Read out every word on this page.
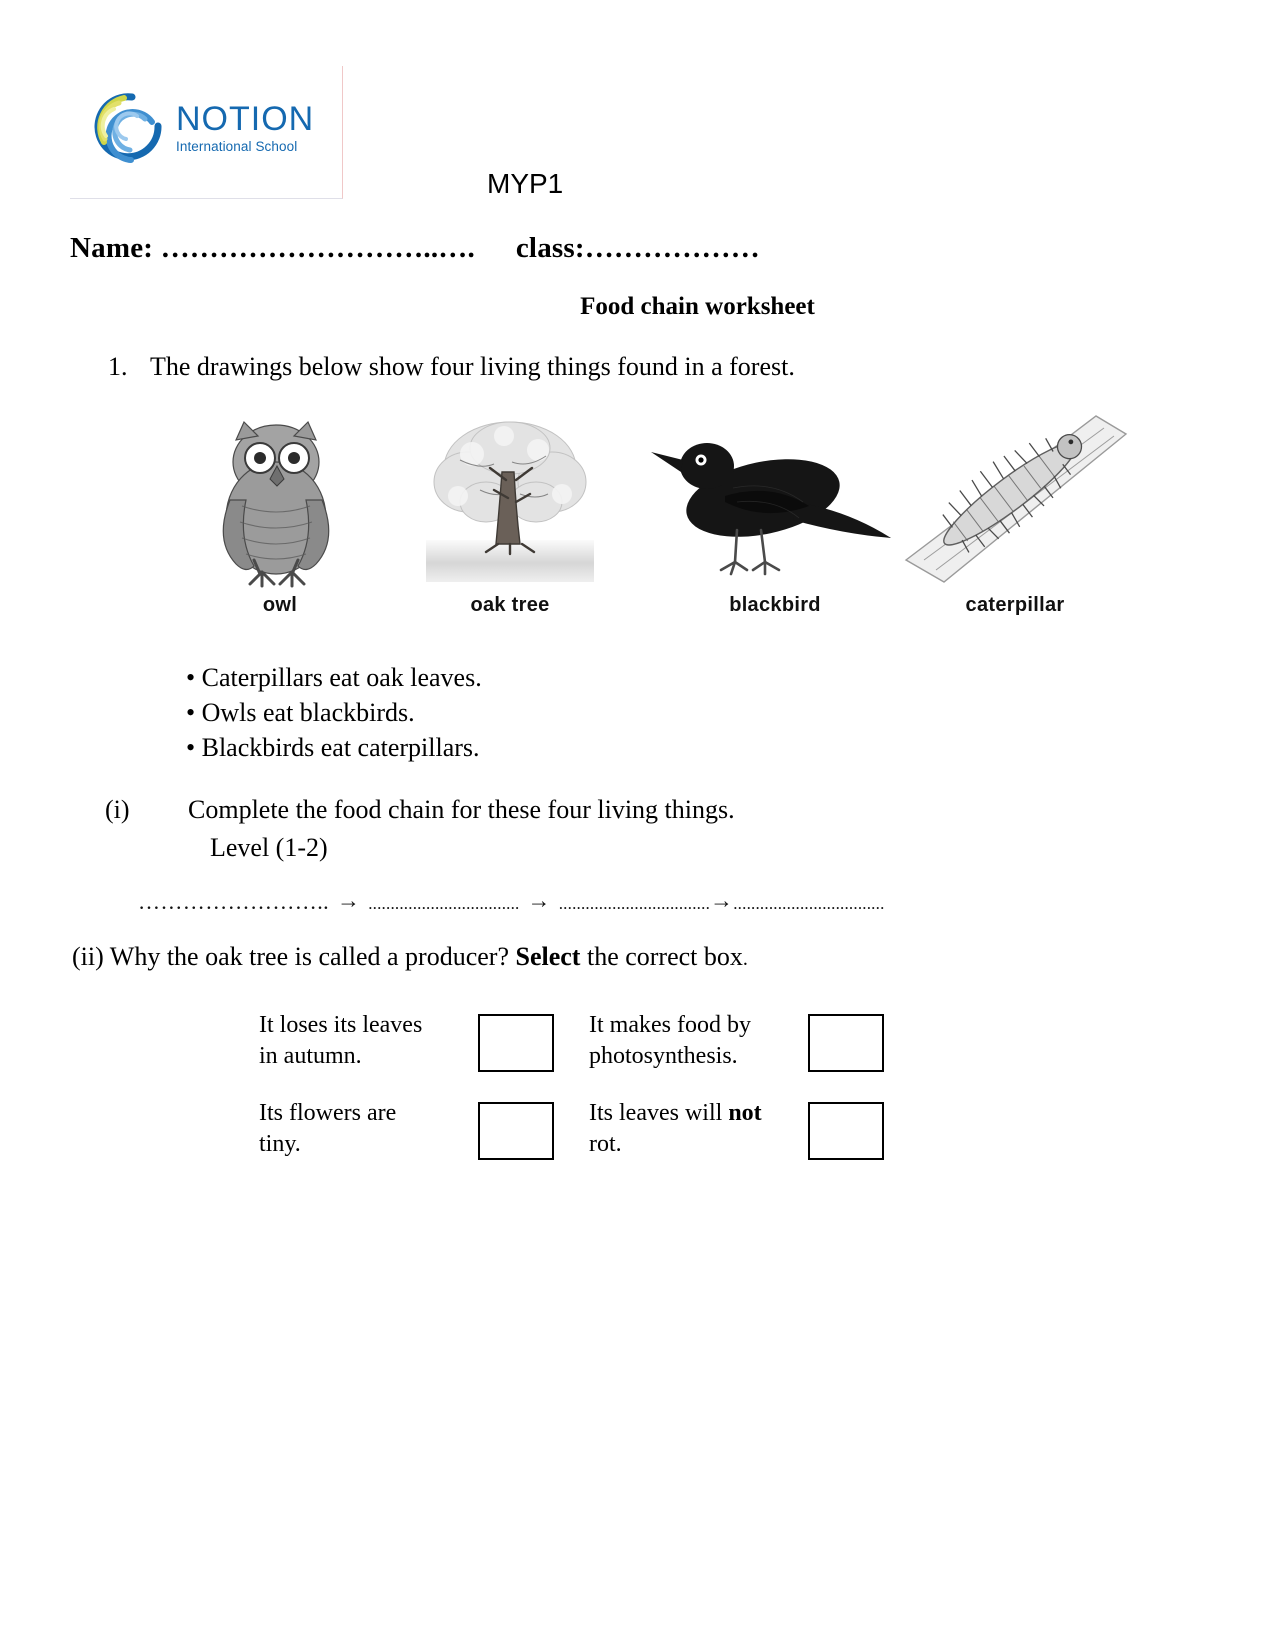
NOTION
International School
MYP1
Name: ………………………..…. class:………………
Food chain worksheet
1. The drawings below show four living things found in a forest.
owl	oak tree	blackbird	caterpillar
• Caterpillars eat oak leaves.
• Owls eat blackbirds.
• Blackbirds eat caterpillars.
(i) Complete the food chain for these four living things.
Level (1-2)
…………………….. → .................................. → ..................................→..................................
(ii) Why the oak tree is called a producer? Select the correct box.
It loses its leaves
in autumn.
It makes food by
photosynthesis.
Its flowers are
tiny.
Its leaves will not
rot.
